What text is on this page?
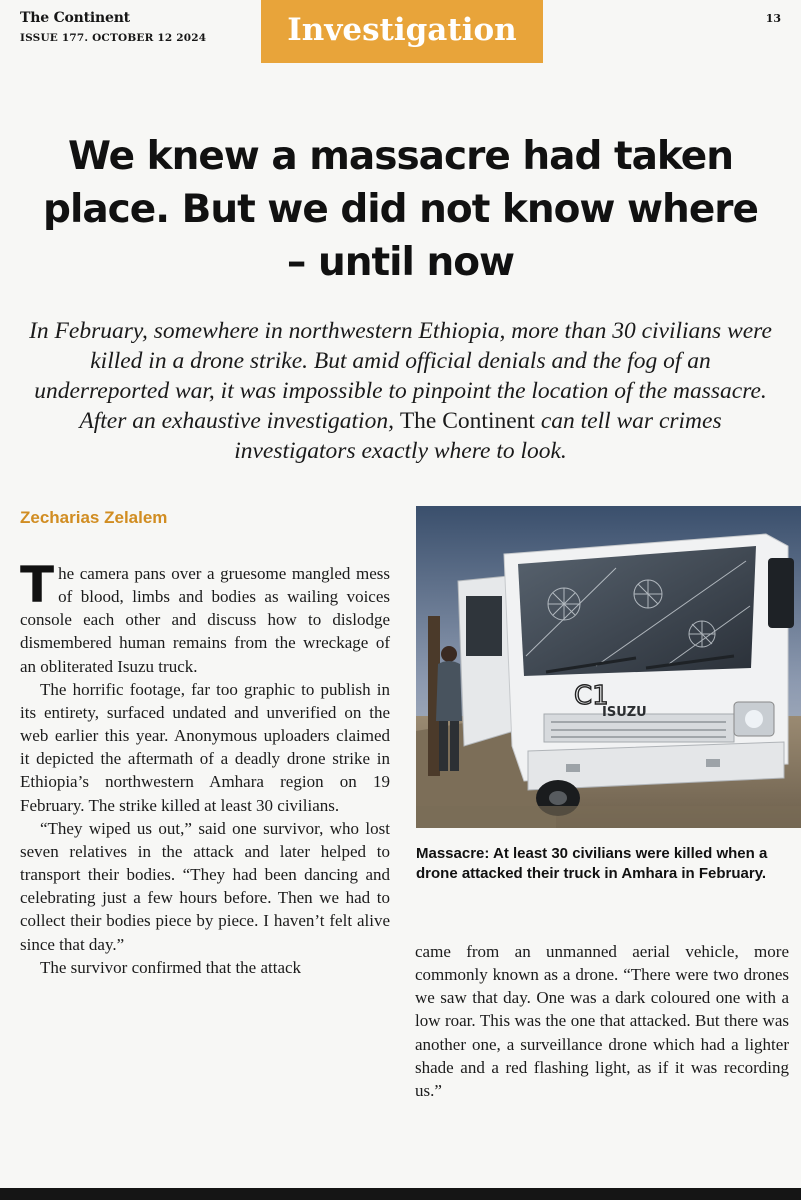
The Continent
ISSUE 177. OCTOBER 12 2024	Investigation	13
We knew a massacre had taken place. But we did not know where – until now

In February, somewhere in northwestern Ethiopia, more than 30 civilians were killed in a drone strike. But amid official denials and the fog of an underreported war, it was impossible to pinpoint the location of the massacre. After an exhaustive investigation, The Continent can tell war crimes investigators exactly where to look.

Zecharias Zelalem
C1
ISUZU
Massacre: At least 30 civilians were killed when a drone attacked their truck in Amhara in February.

The camera pans over a gruesome mangled mess of blood, limbs and bodies as wailing voices console each other and discuss how to dislodge dismembered human remains from the wreckage of an obliterated Isuzu truck.

The horrific footage, far too graphic to publish in its entirety, surfaced undated and unverified on the web earlier this year. Anonymous uploaders claimed it depicted the aftermath of a deadly drone strike in Ethiopia’s northwestern Amhara region on 19 February. The strike killed at least 30 civilians.

“They wiped us out,” said one survivor, who lost seven relatives in the attack and later helped to transport their bodies. “They had been dancing and celebrating just a few hours before. Then we had to collect their bodies piece by piece. I haven’t felt alive since that day.”

The survivor confirmed that the attack

came from an unmanned aerial vehicle, more commonly known as a drone. “There were two drones we saw that day. One was a dark coloured one with a low roar. This was the one that attacked. But there was another one, a surveillance drone which had a lighter shade and a red flashing light, as if it was recording us.”
